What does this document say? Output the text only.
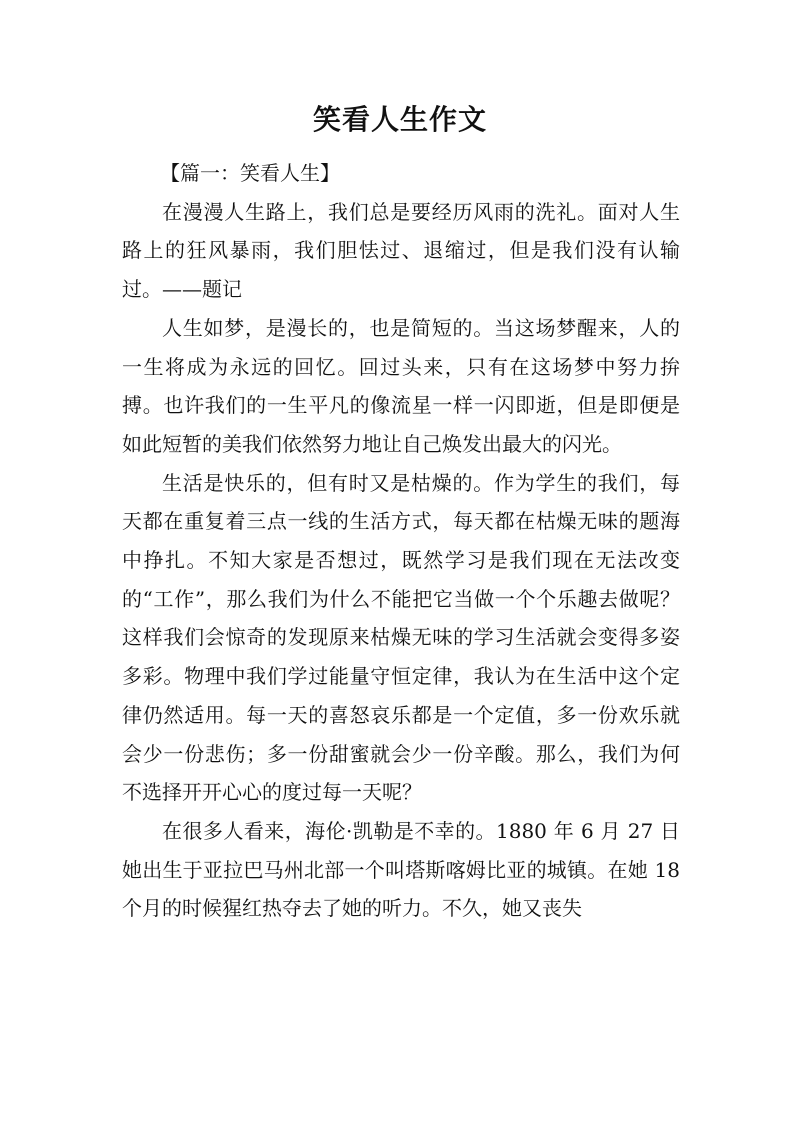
笑看人生作文

【篇一：笑看人生】

在漫漫人生路上，我们总是要经历风雨的洗礼。面对人生路上的狂风暴雨，我们胆怯过、退缩过，但是我们没有认输过。——题记

人生如梦，是漫长的，也是简短的。当这场梦醒来，人的一生将成为永远的回忆。回过头来，只有在这场梦中努力拚搏。也许我们的一生平凡的像流星一样一闪即逝，但是即便是如此短暂的美我们依然努力地让自己焕发出最大的闪光。

生活是快乐的，但有时又是枯燥的。作为学生的我们，每天都在重复着三点一线的生活方式，每天都在枯燥无味的题海中挣扎。不知大家是否想过，既然学习是我们现在无法改变的“工作”，那么我们为什么不能把它当做一个个乐趣去做呢？这样我们会惊奇的发现原来枯燥无味的学习生活就会变得多姿多彩。物理中我们学过能量守恒定律，我认为在生活中这个定律仍然适用。每一天的喜怒哀乐都是一个定值，多一份欢乐就会少一份悲伤；多一份甜蜜就会少一份辛酸。那么，我们为何不选择开开心心的度过每一天呢？

在很多人看来，海伦·凯勒是不幸的。1880 年 6 月 27 日她出生于亚拉巴马州北部一个叫塔斯喀姆比亚的城镇。在她 18 个月的时候猩红热夺去了她的听力。不久，她又丧失
